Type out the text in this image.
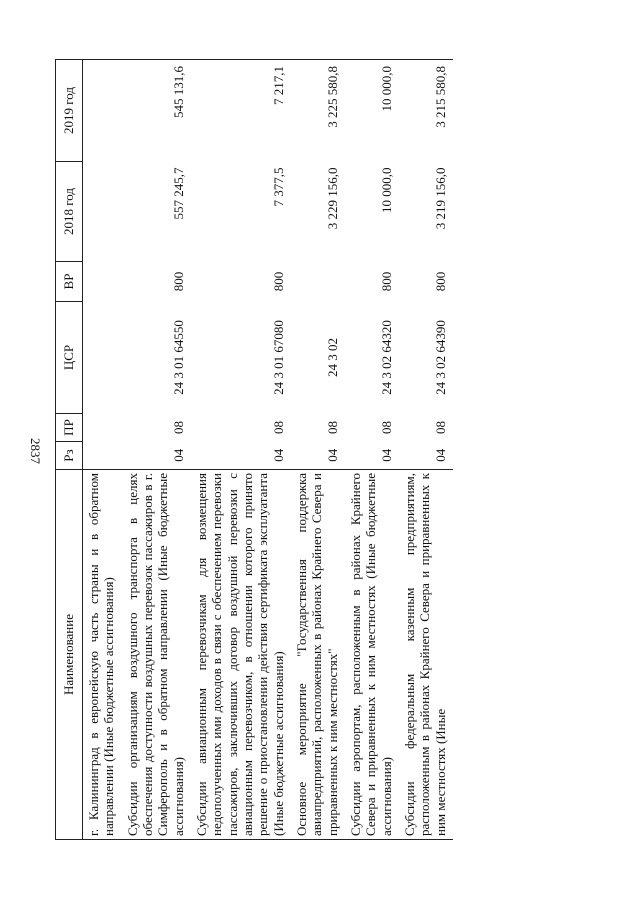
2837
Наименование	Рз	ПР	ЦСР	ВР	2018 год	2019 год
г. Калининград в европейскую часть страны и в обратном направлении (Иные бюджетные ассигнования)						
Субсидии организациям воздушного транспорта в целях обеспечения доступности воздушных перевозок пассажиров в г. Симферополь и в обратном направлении (Иные бюджетные ассигнования)	04	08	24 3 01 64550	800	557 245,7	545 131,6
Субсидии авиационным перевозчикам для возмещения недополученных ими доходов в связи с обеспечением перевозки пассажиров, заключивших договор воздушной перевозки с авиационным перевозчиком, в отношении которого принято решение о приостановлении действия сертификата эксплуатанта (Иные бюджетные ассигнования)	04	08	24 3 01 67080	800	7 377,5	7 217,1
Основное мероприятие "Государственная поддержка авиапредприятий, расположенных в районах Крайнего Севера и приравненных к ним местностях"	04	08	24 3 02		3 229 156,0	3 225 580,8
Субсидии аэропортам, расположенным в районах Крайнего Севера и приравненных к ним местностях (Иные бюджетные ассигнования)	04	08	24 3 02 64320	800	10 000,0	10 000,0
Субсидии федеральным казенным предприятиям, расположенным в районах Крайнего Севера и приравненных к ним местностях (Иные	04	08	24 3 02 64390	800	3 219 156,0	3 215 580,8
